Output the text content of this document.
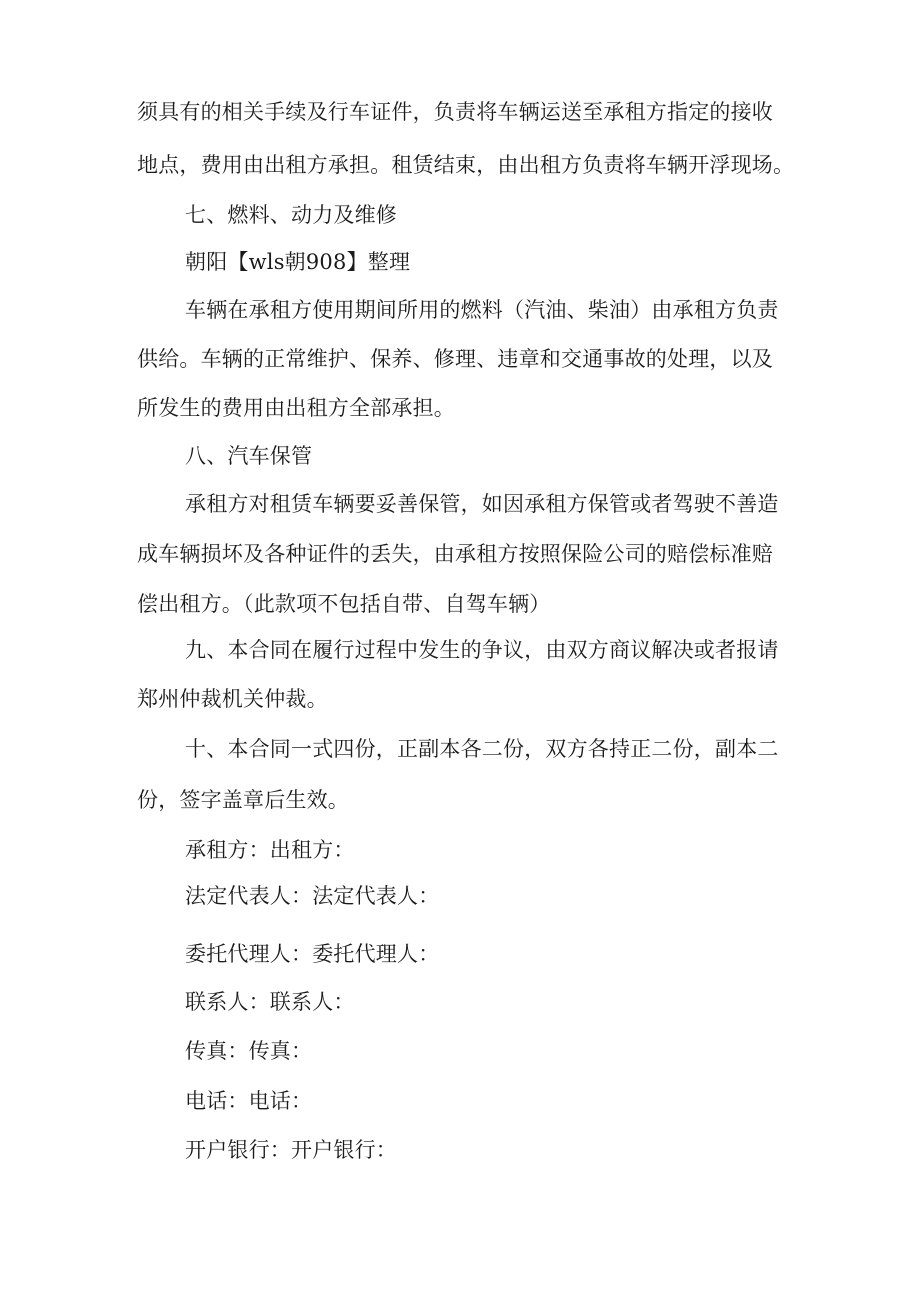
须具有的相关手续及行车证件，负责将车辆运送至承租方指定的接收
地点，费用由出租方承担。租赁结束，由出租方负责将车辆开浮现场。
七、燃料、动力及维修
朝阳【wls朝908】整理
车辆在承租方使用期间所用的燃料（汽油、柴油）由承租方负责
供给。车辆的正常维护、保养、修理、违章和交通事故的处理，以及
所发生的费用由出租方全部承担。
八、汽车保管
承租方对租赁车辆要妥善保管，如因承租方保管或者驾驶不善造
成车辆损坏及各种证件的丢失，由承租方按照保险公司的赔偿标准赔
偿出租方。（此款项不包括自带、自驾车辆）
九、本合同在履行过程中发生的争议，由双方商议解决或者报请
郑州仲裁机关仲裁。
十、本合同一式四份，正副本各二份，双方各持正二份，副本二
份，签字盖章后生效。
承租方：出租方：
法定代表人：法定代表人：
委托代理人：委托代理人：
联系人：联系人：
传真：传真：
电话：电话：
开户银行：开户银行：
